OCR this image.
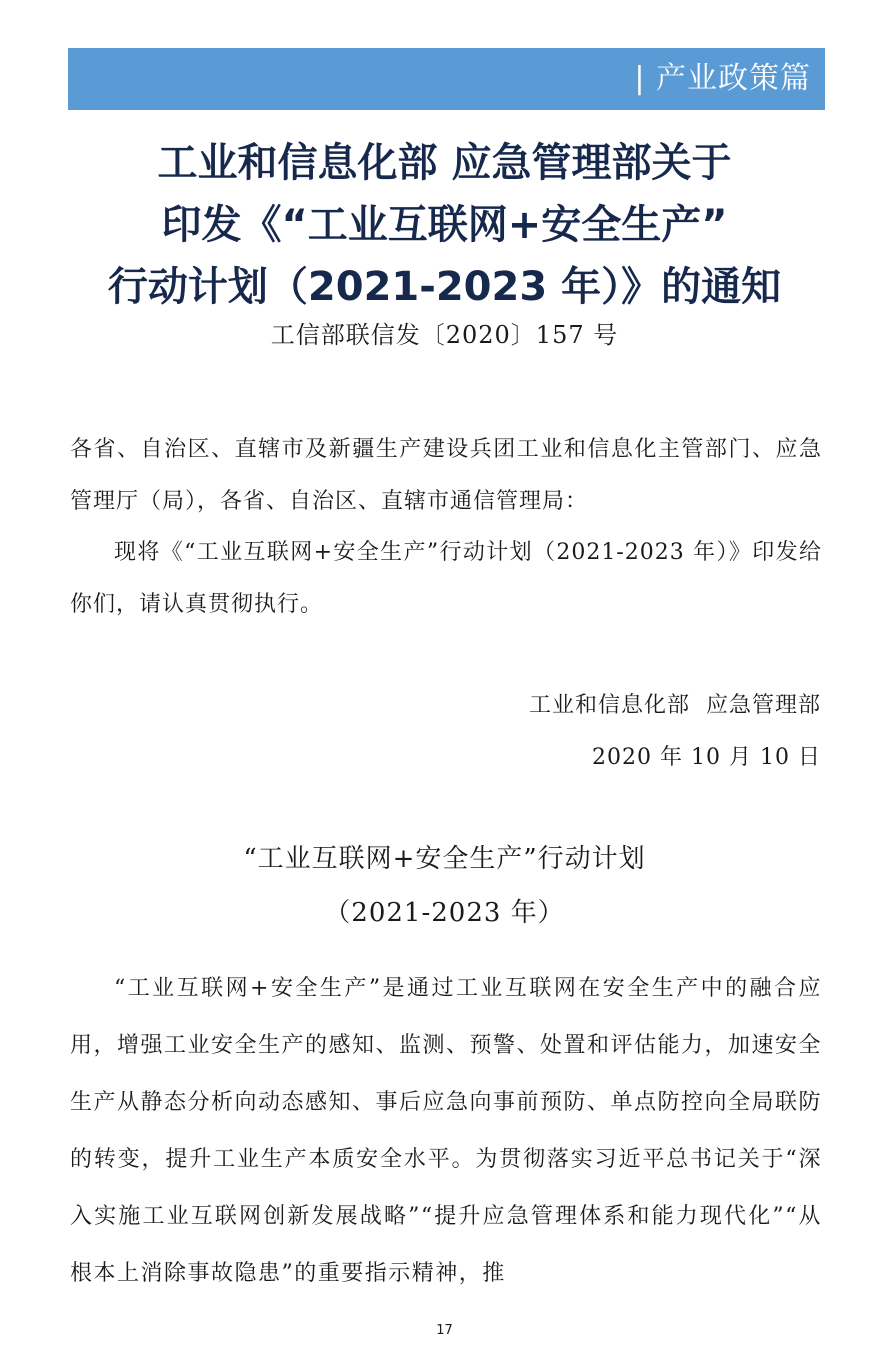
| 产业政策篇
工业和信息化部 应急管理部关于
印发《“工业互联网+安全生产”
行动计划（2021-2023 年）》的通知
工信部联信发〔2020〕157 号

各省、自治区、直辖市及新疆生产建设兵团工业和信息化主管部门、应急管理厅（局），各省、自治区、直辖市通信管理局：

现将《“工业互联网+安全生产”行动计划（2021-2023 年）》印发给你们，请认真贯彻执行。

工业和信息化部  应急管理部
2020 年 10 月 10 日
“工业互联网+安全生产”行动计划
（2021-2023 年）

“工业互联网+安全生产”是通过工业互联网在安全生产中的融合应用，增强工业安全生产的感知、监测、预警、处置和评估能力，加速安全生产从静态分析向动态感知、事后应急向事前预防、单点防控向全局联防的转变，提升工业生产本质安全水平。为贯彻落实习近平总书记关于“深入实施工业互联网创新发展战略”“提升应急管理体系和能力现代化”“从根本上消除事故隐患”的重要指示精神，推

17
